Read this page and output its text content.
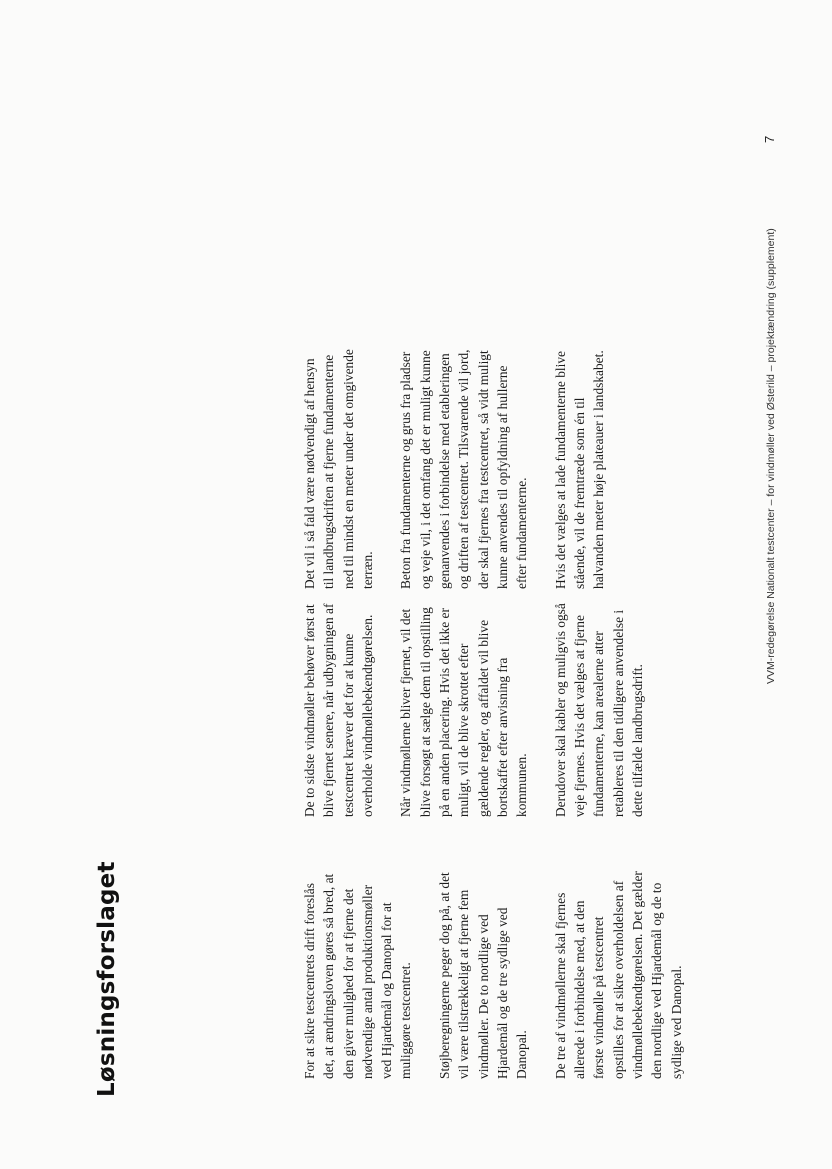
Løsningsforslaget	For at sikre testcentrets drift foreslås det, at ændringsloven gøres så bred, at den giver mulighed for at fjerne det nødvendige antal produktionsmøller ved Hjardemål og Danopal for at muliggøre testcentret. Støjberegningerne peger dog på, at det vil være tilstrækkeligt at fjerne fem vindmøller. De to nordlige ved Hjardemål og de tre sydlige ved Danopal. De tre af vindmøllerne skal fjernes allerede i forbindelse med, at den første vindmølle på testcentret opstilles for at sikre overholdelsen af vindmøllebekendtgørelsen. Det gælder den nordlige ved Hjardemål og de to sydlige ved Danopal.

De to sidste vindmøller behøver først at blive fjernet senere, når udbygningen af testcentret kræver det for at kunne overholde vindmøllebekendtgørelsen. Når vindmøllerne bliver fjernet, vil det blive forsøgt at sælge dem til opstilling på en anden placering. Hvis det ikke er muligt, vil de blive skrottet efter gældende regler, og affaldet vil blive bortskaffet efter anvisning fra kommunen. Derudover skal kabler og muligvis også veje fjernes. Hvis det vælges at fjerne fundamenterne, kan arealerne atter retableres til den tidligere anvendelse i dette tilfælde landbrugsdrift.

Det vil i så fald være nødvendigt af hensyn til landbrugsdriften at fjerne fundamenterne ned til mindst en meter under det omgivende terræn. Beton fra fundamenterne og grus fra pladser og veje vil, i det omfang det er muligt kunne genanvendes i forbindelse med etableringen og driften af testcentret. Tilsvarende vil jord, der skal fjernes fra testcentret, så vidt muligt kunne anvendes til opfyldning af hullerne efter fundamenterne. Hvis det vælges at lade fundamenterne blive stående, vil de fremtræde som én til halvanden meter høje plateauer i landskabet.	VVM-redegørelse Nationalt testcenter – for vindmøller ved Østerild – projektændring (supplement)
7
